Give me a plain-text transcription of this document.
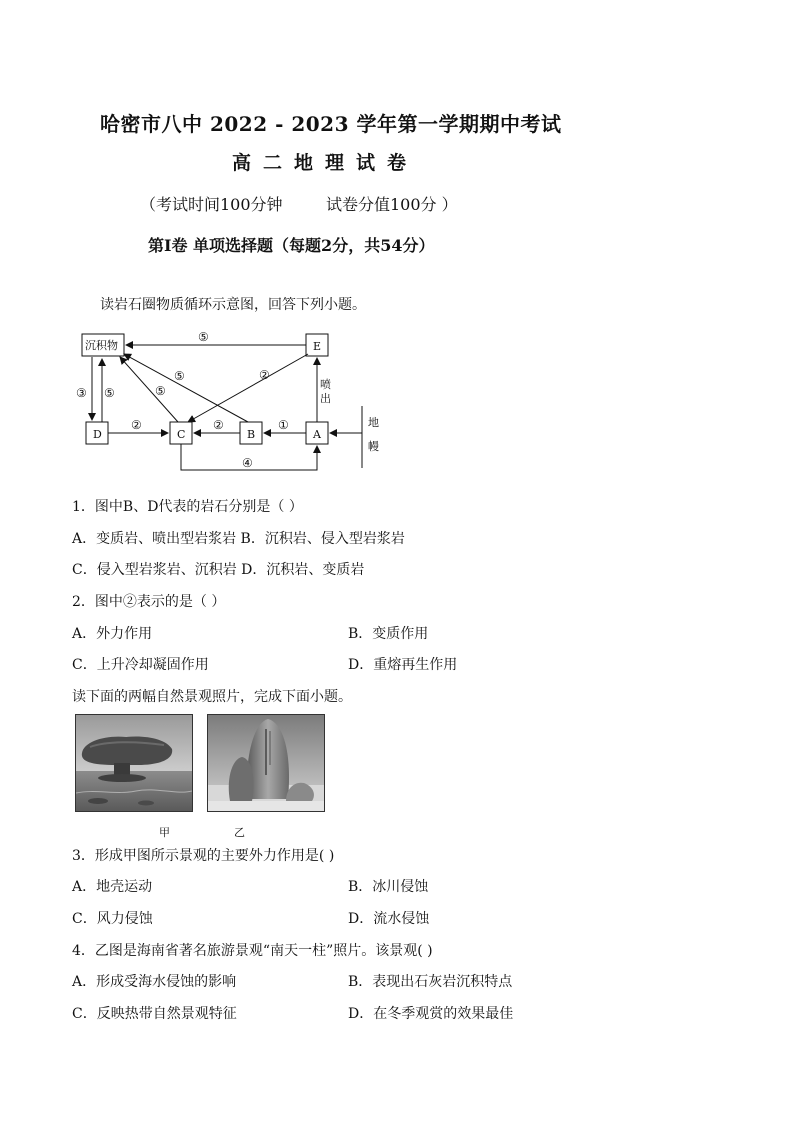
哈密市八中 2022 - 2023 学年第一学期期中考试
高二地理试卷
（考试时间100分钟	试卷分值100分 ）
第Ⅰ卷 单项选择题（每题2分，共54分）
读岩石圈物质循环示意图，回答下列小题。
沉积物	E
D	C	B	A
⑤
②
⑤
⑤
③ ⑤
②	②	①
④
喷
出
地
幔
1．图中B、D代表的岩石分别是（ ）
A．变质岩、喷出型岩浆岩 B．沉积岩、侵入型岩浆岩
C．侵入型岩浆岩、沉积岩 D．沉积岩、变质岩
2．图中②表示的是（ ）
A．外力作用	B．变质作用
C．上升冷却凝固作用	D．重熔再生作用
读下面的两幅自然景观照片，完成下面小题。
甲	乙
3．形成甲图所示景观的主要外力作用是( )
A．地壳运动	B．冰川侵蚀
C．风力侵蚀	D．流水侵蚀
4．乙图是海南省著名旅游景观“南天一柱”照片。该景观( )
A．形成受海水侵蚀的影响	B．表现出石灰岩沉积特点
C．反映热带自然景观特征	D．在冬季观赏的效果最佳
